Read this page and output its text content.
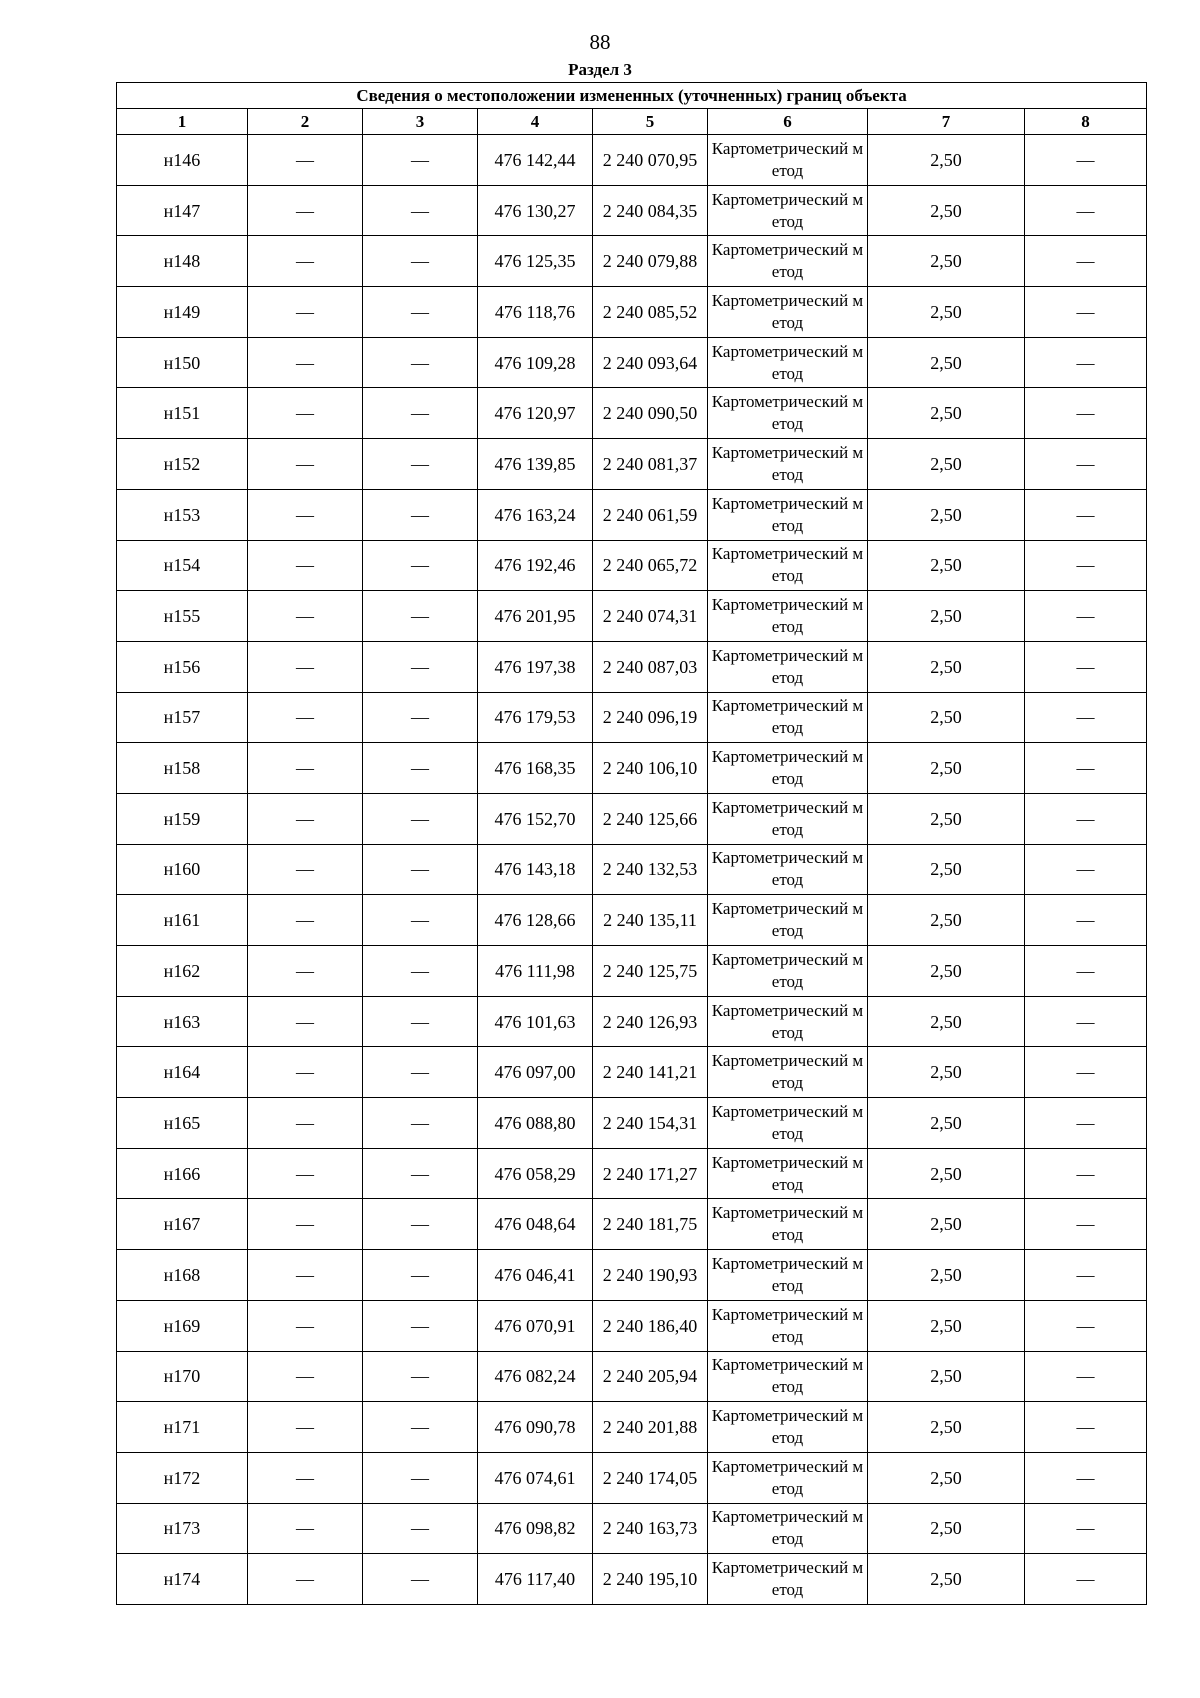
88
Раздел 3
Сведения о местоположении измененных (уточненных) границ объекта							
1	2	3	4	5	6	7	8
н146	—	—	476 142,44	2 240 070,95	Картометрический метод	2,50	—
н147	—	—	476 130,27	2 240 084,35	Картометрический метод	2,50	—
н148	—	—	476 125,35	2 240 079,88	Картометрический метод	2,50	—
н149	—	—	476 118,76	2 240 085,52	Картометрический метод	2,50	—
н150	—	—	476 109,28	2 240 093,64	Картометрический метод	2,50	—
н151	—	—	476 120,97	2 240 090,50	Картометрический метод	2,50	—
н152	—	—	476 139,85	2 240 081,37	Картометрический метод	2,50	—
н153	—	—	476 163,24	2 240 061,59	Картометрический метод	2,50	—
н154	—	—	476 192,46	2 240 065,72	Картометрический метод	2,50	—
н155	—	—	476 201,95	2 240 074,31	Картометрический метод	2,50	—
н156	—	—	476 197,38	2 240 087,03	Картометрический метод	2,50	—
н157	—	—	476 179,53	2 240 096,19	Картометрический метод	2,50	—
н158	—	—	476 168,35	2 240 106,10	Картометрический метод	2,50	—
н159	—	—	476 152,70	2 240 125,66	Картометрический метод	2,50	—
н160	—	—	476 143,18	2 240 132,53	Картометрический метод	2,50	—
н161	—	—	476 128,66	2 240 135,11	Картометрический метод	2,50	—
н162	—	—	476 111,98	2 240 125,75	Картометрический метод	2,50	—
н163	—	—	476 101,63	2 240 126,93	Картометрический метод	2,50	—
н164	—	—	476 097,00	2 240 141,21	Картометрический метод	2,50	—
н165	—	—	476 088,80	2 240 154,31	Картометрический метод	2,50	—
н166	—	—	476 058,29	2 240 171,27	Картометрический метод	2,50	—
н167	—	—	476 048,64	2 240 181,75	Картометрический метод	2,50	—
н168	—	—	476 046,41	2 240 190,93	Картометрический метод	2,50	—
н169	—	—	476 070,91	2 240 186,40	Картометрический метод	2,50	—
н170	—	—	476 082,24	2 240 205,94	Картометрический метод	2,50	—
н171	—	—	476 090,78	2 240 201,88	Картометрический метод	2,50	—
н172	—	—	476 074,61	2 240 174,05	Картометрический метод	2,50	—
н173	—	—	476 098,82	2 240 163,73	Картометрический метод	2,50	—
н174	—	—	476 117,40	2 240 195,10	Картометрический метод	2,50	—
